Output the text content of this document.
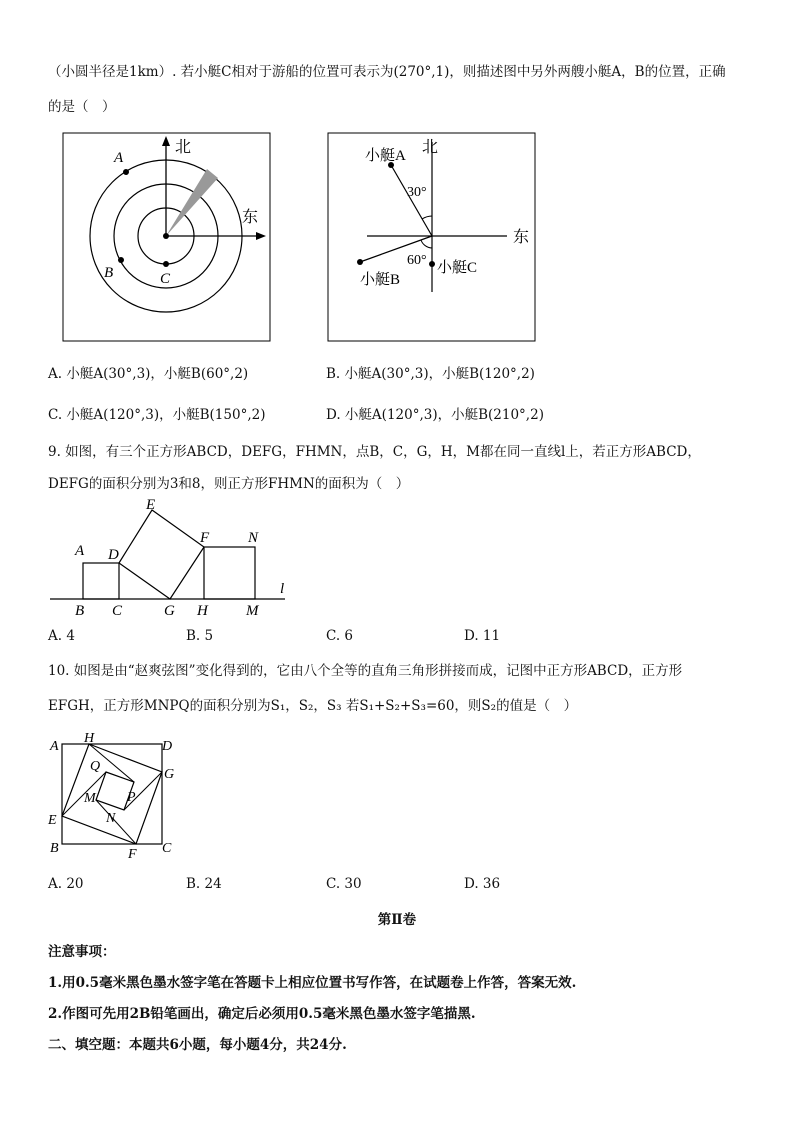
（小圆半径是1km）. 若小艇C相对于游船的位置可表示为(270°,1)，则描述图中另外两艘小艇A，B的位置，正确
的是（　）
北
东
A
B	C
北
东
小艇A
30°
小艇B
60° 小艇C
A. 小艇A(30°,3)，小艇B(60°,2)	B. 小艇A(30°,3)，小艇B(120°,2)
C. 小艇A(120°,3)，小艇B(150°,2)	D. 小艇A(120°,3)，小艇B(210°,2)
9. 如图，有三个正方形ABCD，DEFG，FHMN，点B，C，G，H，M都在同一直线l上，若正方形ABCD，
DEFG的面积分别为3和8，则正方形FHMN的面积为（　）
A
B C
D
E
F
G H	M
N
l
A. 4	B. 5	C. 6	D. 11
10. 如图是由“赵爽弦图”变化得到的，它由八个全等的直角三角形拼接而成，记图中正方形ABCD，正方形
EFGH，正方形MNPQ的面积分别为S₁，S₂，S₃ 若S₁+S₂+S₃=60，则S₂的值是（　）
A
B	C
D
E
F
G
H
M
N
P
Q
A. 20	B. 24	C. 30	D. 36
第Ⅱ卷
注意事项：
1.用0.5毫米黑色墨水签字笔在答题卡上相应位置书写作答，在试题卷上作答，答案无效.
2.作图可先用2B铅笔画出，确定后必须用0.5毫米黑色墨水签字笔描黑.
二、填空题：本题共6小题，每小题4分，共24分.
